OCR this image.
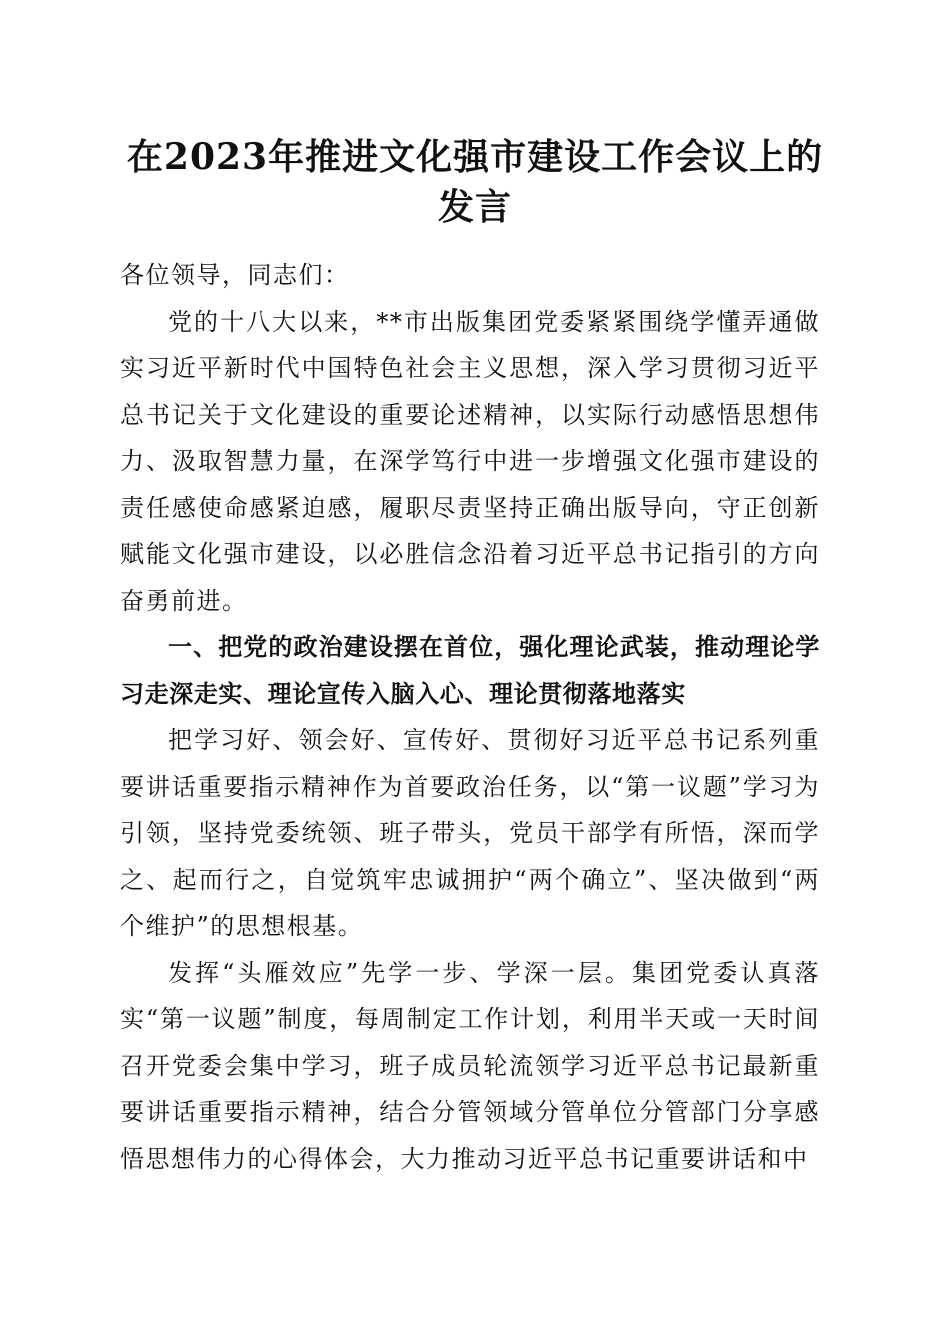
在2023年推进文化强市建设工作会议上的发言

各位领导，同志们：

党的十八大以来，**市出版集团党委紧紧围绕学懂弄通做实习近平新时代中国特色社会主义思想，深入学习贯彻习近平总书记关于文化建设的重要论述精神，以实际行动感悟思想伟力、汲取智慧力量，在深学笃行中进一步增强文化强市建设的责任感使命感紧迫感，履职尽责坚持正确出版导向，守正创新赋能文化强市建设，以必胜信念沿着习近平总书记指引的方向奋勇前进。

一、把党的政治建设摆在首位，强化理论武装，推动理论学习走深走实、理论宣传入脑入心、理论贯彻落地落实

把学习好、领会好、宣传好、贯彻好习近平总书记系列重要讲话重要指示精神作为首要政治任务，以“第一议题”学习为引领，坚持党委统领、班子带头，党员干部学有所悟，深而学之、起而行之，自觉筑牢忠诚拥护“两个确立”、坚决做到“两个维护”的思想根基。

发挥“头雁效应”先学一步、学深一层。集团党委认真落实“第一议题”制度，每周制定工作计划，利用半天或一天时间召开党委会集中学习，班子成员轮流领学习近平总书记最新重要讲话重要指示精神，结合分管领域分管单位分管部门分享感悟思想伟力的心得体会，大力推动习近平总书记重要讲话和中
